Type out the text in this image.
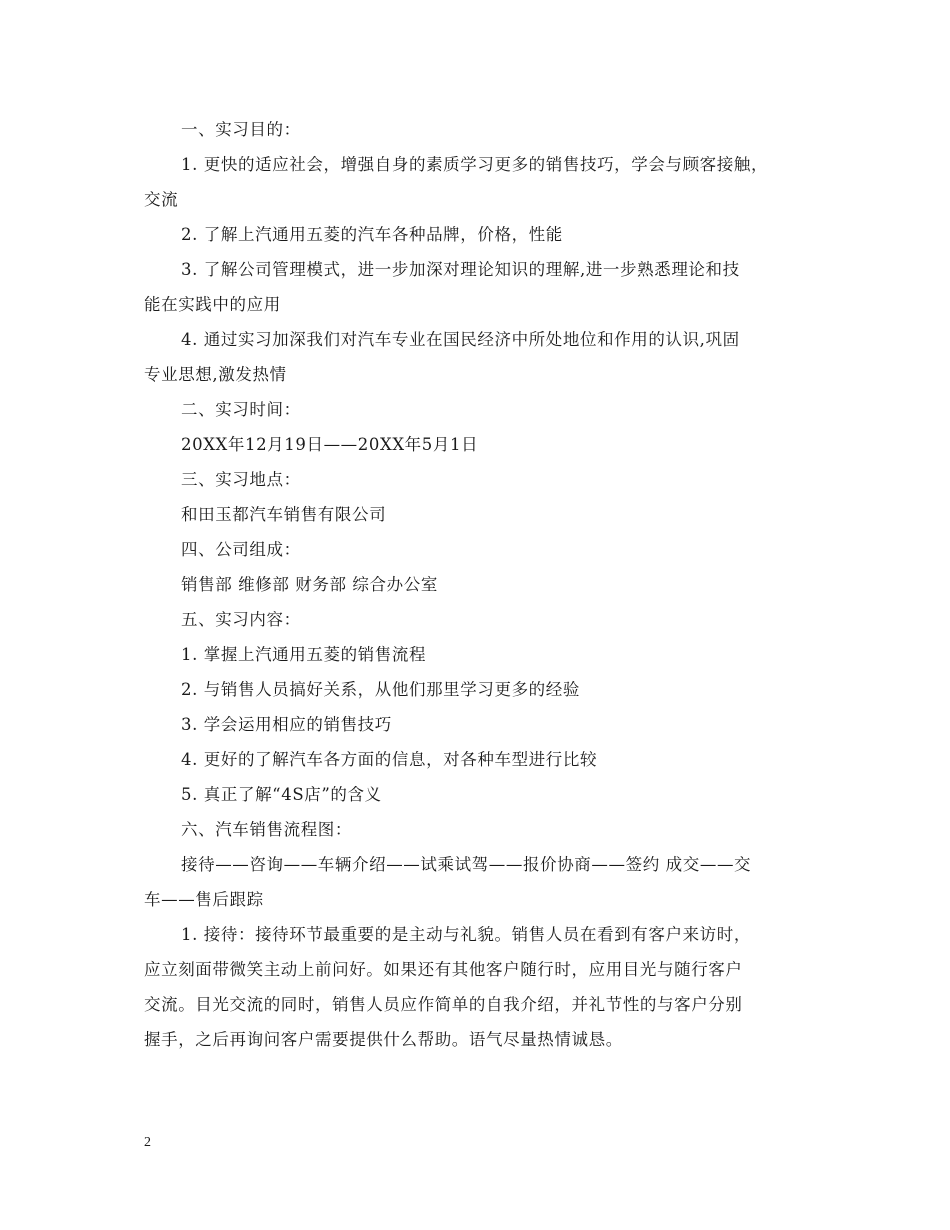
一、实习目的：

1. 更快的适应社会，增强自身的素质学习更多的销售技巧，学会与顾客接触，

交流

2. 了解上汽通用五菱的汽车各种品牌，价格，性能

3. 了解公司管理模式，进一步加深对理论知识的理解,进一步熟悉理论和技

能在实践中的应用

4. 通过实习加深我们对汽车专业在国民经济中所处地位和作用的认识,巩固

专业思想,激发热情

二、实习时间：

20XX年12月19日——20XX年5月1日

三、实习地点：

和田玉都汽车销售有限公司

四、公司组成：

销售部 维修部 财务部 综合办公室

五、实习内容：

1. 掌握上汽通用五菱的销售流程

2. 与销售人员搞好关系，从他们那里学习更多的经验

3. 学会运用相应的销售技巧

4. 更好的了解汽车各方面的信息，对各种车型进行比较

5. 真正了解“4S店”的含义

六、汽车销售流程图：

接待——咨询——车辆介绍——试乘试驾——报价协商——签约 成交——交

车——售后跟踪

1. 接待：接待环节最重要的是主动与礼貌。销售人员在看到有客户来访时，

应立刻面带微笑主动上前问好。如果还有其他客户随行时，应用目光与随行客户

交流。目光交流的同时，销售人员应作简单的自我介绍，并礼节性的与客户分别

握手，之后再询问客户需要提供什么帮助。语气尽量热情诚恳。

2
